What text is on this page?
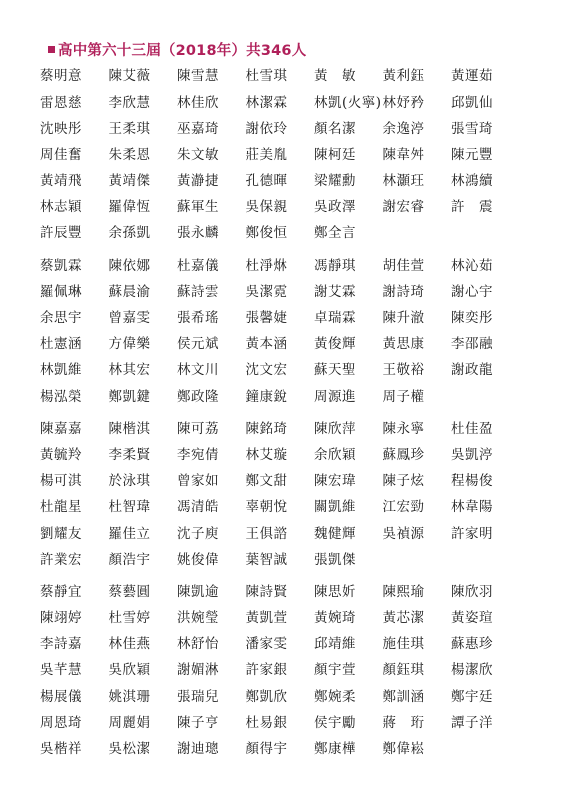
高中第六十三屆（2018年）共346人
蔡明意	陳艾薇	陳雪慧	杜雪琪	黃　敏	黃利鈺	黃運茹
雷恩慈	李欣慧	林佳欣	林潔霖	林凱(火寧) 林妤矜	邱凱仙
沈映彤	王柔琪	巫嘉琦	謝依玲	顏名潔	余逸渟	張雪琦
周佳奮	朱柔恩	朱文敏	莊美胤	陳柯廷	陳韋舛	陳元豐
黃靖飛	黃靖傑	黃瀞捷	孔德暉	梁耀勳	林灝玨	林鴻續
林志穎	羅偉恆	蘇軍生	吳保親	吳政澤	謝宏睿	許　震
許辰豐	余孫凱	張永麟	鄭俊恒	鄭全言
蔡凱霖	陳依娜	杜嘉儀	杜淨烌	馮靜琪	胡佳萱	林沁茹
羅佩琳	蘇晨渝	蘇詩雲	吳潔霓	謝艾霖	謝詩琦	謝心宇
余思宇	曾嘉雯	張希瑤	張馨婕	卓瑞霖	陳升澈	陳奕彤
杜憲涵	方偉樂	侯元斌	黃本涵	黃俊輝	黃思康	李邵融
林凱維	林其宏	林文川	沈文宏	蘇天聖	王敬裕	謝政龍
楊泓榮	鄭凱鍵	鄭政隆	鐘康銳	周源進	周子權
陳嘉嘉	陳楷淇	陳可荔	陳銘琦	陳欣萍	陳永寧	杜佳盈
黃毓羚	李柔賢	李宛倩	林艾璇	余欣穎	蘇鳳珍	吳凱渟
楊可淇	於泳琪	曾家如	鄭文甜	陳宏瑋	陳子炫	程楊俊
杜龍星	杜智瑋	馮清皓	辜朝悅	關凱維	江宏勁	林韋陽
劉耀友	羅佳立	沈子庾	王俱諮	魏健輝	吳禎源	許家明
許業宏	顏浩宇	姚俊偉	葉智誠	張凱傑
蔡靜宜	蔡藝圓	陳凱逾	陳詩賢	陳思妡	陳熙瑜	陳欣羽
陳翊婷	杜雪婷	洪婉瑩	黃凱萱	黃婉琦	黃芯潔	黃姿瑄
李詩嘉	林佳燕	林舒怡	潘家雯	邱靖維	施佳琪	蘇惠珍
吳芊慧	吳欣穎	謝媚淋	許家銀	顏宇萱	顏鈺琪	楊潔欣
楊展儀	姚淇珊	張瑞兒	鄭凱欣	鄭婉柔	鄭訓涵	鄭宇廷
周恩琦	周麗娟	陳子亨	杜易銀	侯宇勵	蔣　珩	譚子洋
吳楷祥	吳松潔	謝迪璁	顏得宇	鄭康樺	鄭偉崧
